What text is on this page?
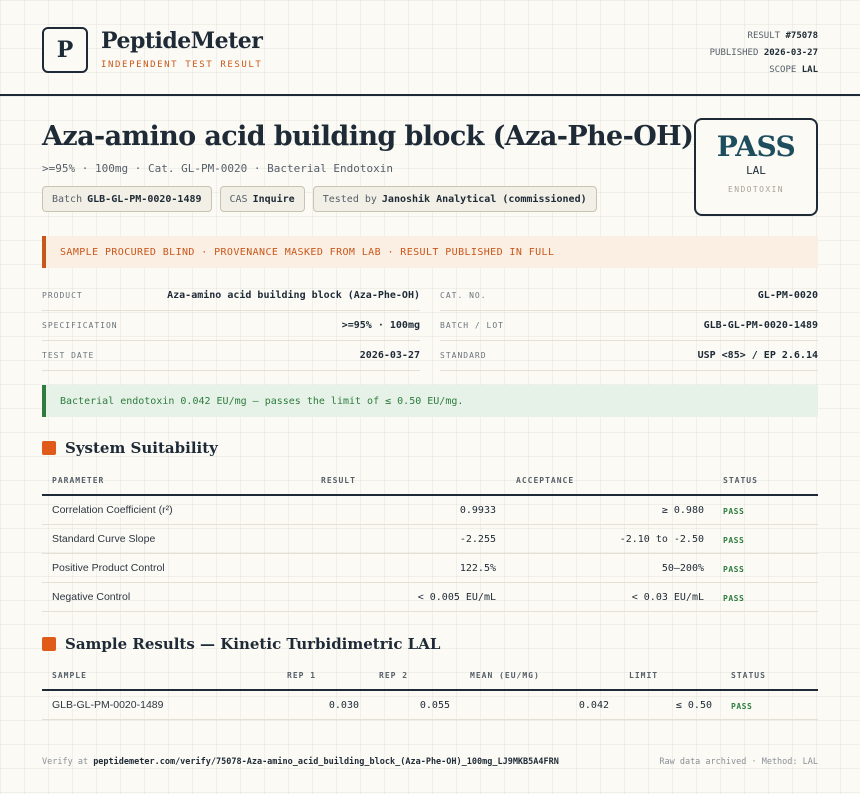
P	PeptideMeter
INDEPENDENT TEST RESULT
RESULT #75078
PUBLISHED 2026-03-27
SCOPE LAL
Aza-amino acid building block (Aza-Phe-OH)
>=95% · 100mg · Cat. GL-PM-0020 · Bacterial Endotoxin
Batch GLB-GL-PM-0020-1489	CAS Inquire	Tested by Janoshik Analytical (commissioned)
PASS
LAL
ENDOTOXIN
SAMPLE PROCURED BLIND · PROVENANCE MASKED FROM LAB · RESULT PUBLISHED IN FULL
PRODUCT	Aza-amino acid building block (Aza-Phe-OH)
SPECIFICATION	>=95% · 100mg
TEST DATE	2026-03-27
CAT. NO.	GL-PM-0020
BATCH / LOT	GLB-GL-PM-0020-1489
STANDARD	USP <85> / EP 2.6.14
Bacterial endotoxin 0.042 EU/mg — passes the limit of ≤ 0.50 EU/mg.
System Suitability
PARAMETER	RESULT	ACCEPTANCE	STATUS
Correlation Coefficient (r²)	0.9933	≥ 0.980 PASS
Standard Curve Slope	-2.255	-2.10 to -2.50 PASS
Positive Product Control	122.5%	50–200% PASS
Negative Control	< 0.005 EU/mL	< 0.03 EU/mL PASS
Sample Results — Kinetic Turbidimetric LAL
SAMPLE	REP 1	REP 2	MEAN (EU/MG)	LIMIT	STATUS
GLB-GL-PM-0020-1489	0.030	0.055	0.042	≤ 0.50 PASS
Verify at peptidemeter.com/verify/75078-Aza-amino_acid_building_block_(Aza-Phe-OH)_100mg_LJ9MKB5A4FRN	Raw data archived · Method: LAL
